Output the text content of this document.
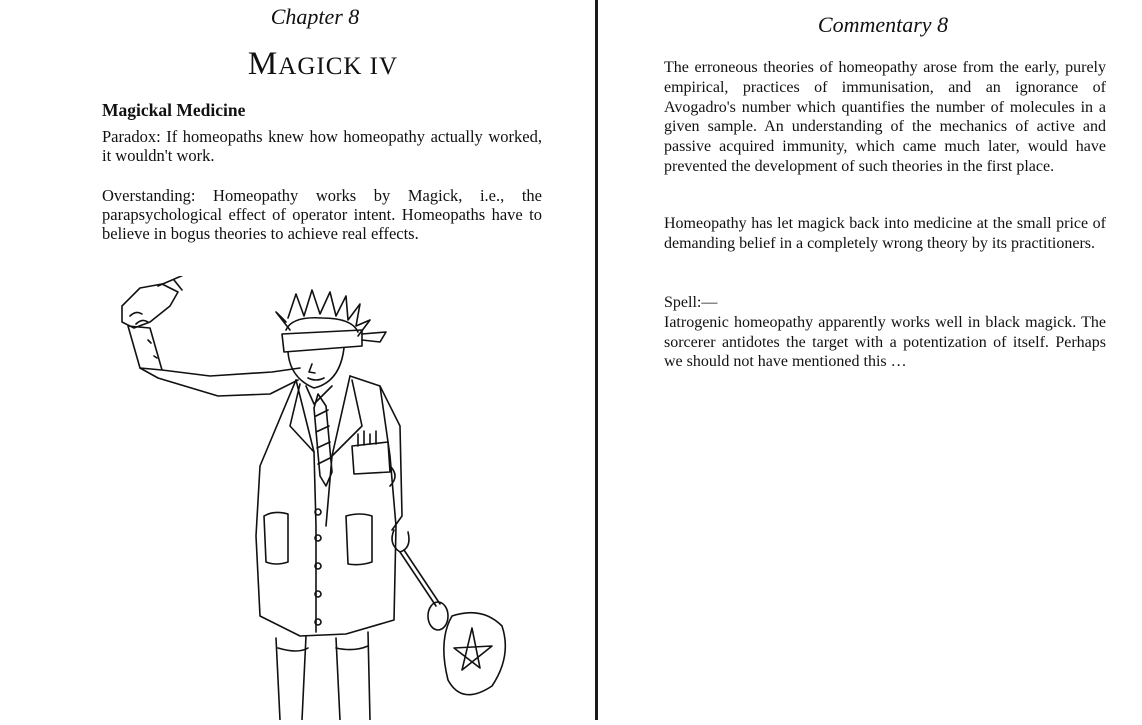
Chapter 8
MAGICK IV
Magickal Medicine
Paradox: If homeopaths knew how homeopathy actually worked, it wouldn't work.
Overstanding: Homeopathy works by Magick, i.e., the parapsychological effect of operator intent. Homeopaths have to believe in bogus theories to achieve real effects.
Commentary 8
The erroneous theories of homeopathy arose from the early, purely empirical, practices of immunisation, and an ignorance of Avogadro's number which quantifies the number of molecules in a given sample. An understanding of the mechanics of active and passive acquired immunity, which came much later, would have prevented the development of such theories in the first place.
Homeopathy has let magick back into medicine at the small price of demanding belief in a completely wrong theory by its practitioners.
Spell:—
Iatrogenic homeopathy apparently works well in black magick. The sorcerer antidotes the target with a potentization of itself. Perhaps we should not have mentioned this …
